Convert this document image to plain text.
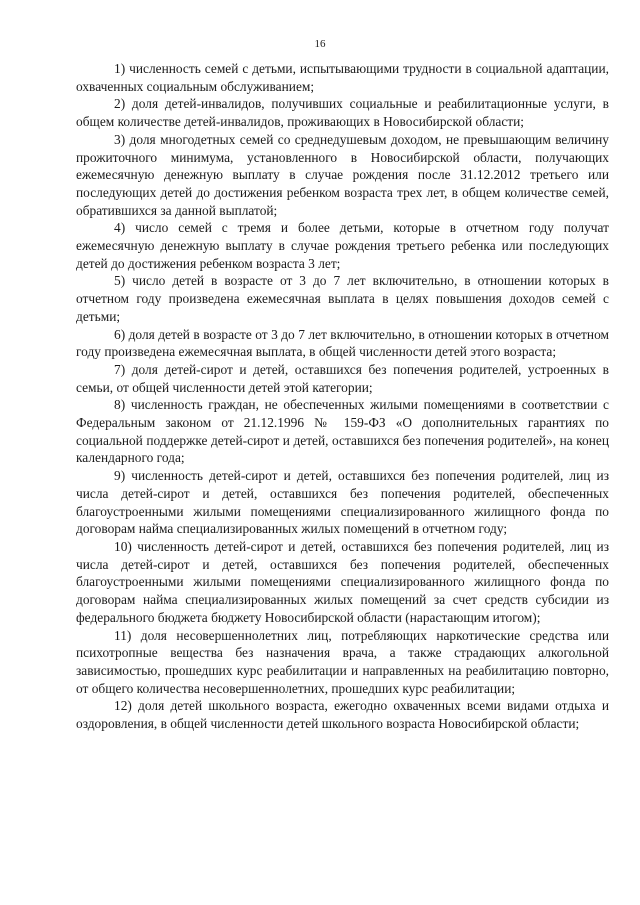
16

1) численность семей с детьми, испытывающими трудности в социальной адаптации, охваченных социальным обслуживанием;

2) доля детей-инвалидов, получивших социальные и реабилитационные услуги, в общем количестве детей-инвалидов, проживающих в Новосибирской области;

3) доля многодетных семей со среднедушевым доходом, не превышающим величину прожиточного минимума, установленного в Новосибирской области, получающих ежемесячную денежную выплату в случае рождения после 31.12.2012 третьего или последующих детей до достижения ребенком возраста трех лет, в общем количестве семей, обратившихся за данной выплатой;

4) число семей с тремя и более детьми, которые в отчетном году получат ежемесячную денежную выплату в случае рождения третьего ребенка или последующих детей до достижения ребенком возраста 3 лет;

5) число детей в возрасте от 3 до 7 лет включительно, в отношении которых в отчетном году произведена ежемесячная выплата в целях повышения доходов семей с детьми;

6) доля детей в возрасте от 3 до 7 лет включительно, в отношении которых в отчетном году произведена ежемесячная выплата, в общей численности детей этого возраста;

7) доля детей-сирот и детей, оставшихся без попечения родителей, устроенных в семьи, от общей численности детей этой категории;

8) численность граждан, не обеспеченных жилыми помещениями в соответствии с Федеральным законом от 21.12.1996 № 159-ФЗ «О дополнительных гарантиях по социальной поддержке детей-сирот и детей, оставшихся без попечения родителей», на конец календарного года;

9) численность детей-сирот и детей, оставшихся без попечения родителей, лиц из числа детей-сирот и детей, оставшихся без попечения родителей, обеспеченных благоустроенными жилыми помещениями специализированного жилищного фонда по договорам найма специализированных жилых помещений в отчетном году;

10) численность детей-сирот и детей, оставшихся без попечения родителей, лиц из числа детей-сирот и детей, оставшихся без попечения родителей, обеспеченных благоустроенными жилыми помещениями специализированного жилищного фонда по договорам найма специализированных жилых помещений за счет средств субсидии из федерального бюджета бюджету Новосибирской области (нарастающим итогом);

11) доля несовершеннолетних лиц, потребляющих наркотические средства или психотропные вещества без назначения врача, а также страдающих алкогольной зависимостью, прошедших курс реабилитации и направленных на реабилитацию повторно, от общего количества несовершеннолетних, прошедших курс реабилитации;

12) доля детей школьного возраста, ежегодно охваченных всеми видами отдыха и оздоровления, в общей численности детей школьного возраста Новосибирской области;
